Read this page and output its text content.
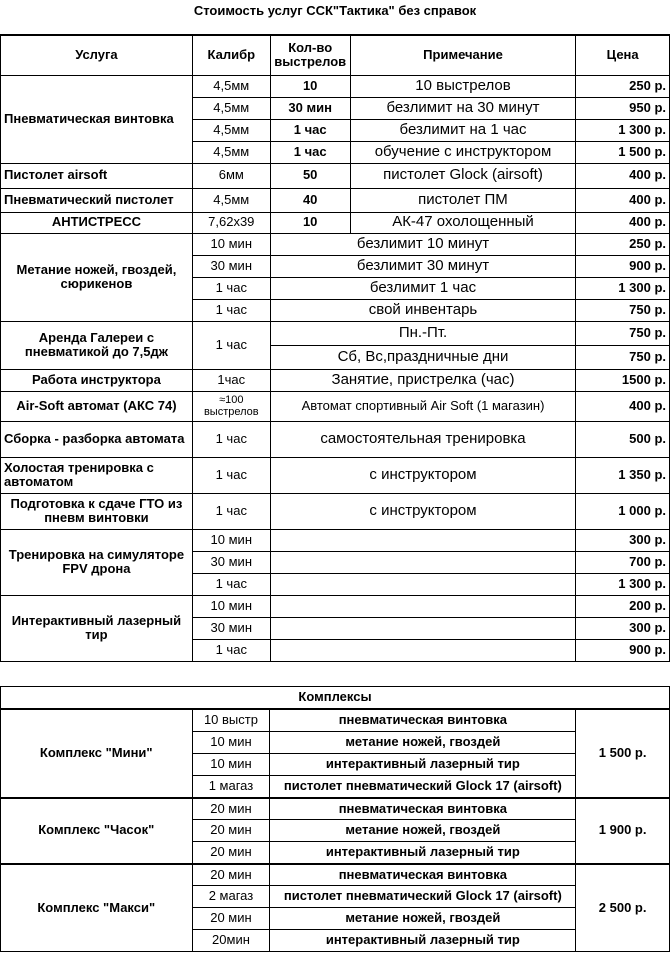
Стоимость услуг ССК"Тактика" без справок
Услуга	Калибр	Кол-во выстрелов	Примечание	Цена
Пневматическая винтовка	4,5мм	10	10 выстрелов	250 р.
	4,5мм	30 мин	безлимит на 30 минут	950 р.
	4,5мм	1 час	безлимит на 1 час	1 300 р.
	4,5мм	1 час	обучение с инструктором	1 500 р.
Пистолет airsoft	6мм	50	пистолет Glock (airsoft)	400 р.
Пневматический пистолет	4,5мм	40	пистолет ПМ	400 р.
АНТИСТРЕСС	7,62х39	10	АК-47 охолощенный	400 р.
Метание ножей, гвоздей, сюрикенов	10 мин	безлимит 10 минут		250 р.
	30 мин	безлимит 30 минут		900 р.
	1 час	безлимит 1 час		1 300 р.
	1 час	свой инвентарь		750 р.
Аренда Галереи с пневматикой до 7,5дж	1 час	Пн.-Пт.		750 р.
		Сб, Вс,праздничные дни		750 р.
Работа инструктора	1час	Занятие, пристрелка (час)		1500 р.
Air-Soft автомат (АКС 74)	≈100 выстрелов	Автомат спортивный Air Soft (1 магазин)		400 р.
Сборка - разборка автомата	1 час	самостоятельная тренировка		500 р.
Холостая тренировка с автоматом	1 час	с инструктором		1 350 р.
Подготовка к сдаче ГТО из пневм винтовки	1 час	с инструктором		1 000 р.
Тренировка на симуляторе FPV дрона	10 мин			300 р.
	30 мин			700 р.
	1 час			1 300 р.
Интерактивный лазерный тир	10 мин			200 р.
	30 мин			300 р.
	1 час			900 р.
Комплексы			
Комплекс "Мини"	10 выстр	пневматическая винтовка	1 500 р.
	10 мин	метание ножей, гвоздей	
	10 мин	интерактивный лазерный тир	
	1 магаз	пистолет пневматический Glock 17 (airsoft)	
Комплекс "Часок"	20 мин	пневматическая винтовка	1 900 р.
	20 мин	метание ножей, гвоздей	
	20 мин	интерактивный лазерный тир	
Комплекс "Макси"	20 мин	пневматическая винтовка	2 500 р.
	2 магаз	пистолет пневматический Glock 17 (airsoft)	
	20 мин	метание ножей, гвоздей	
	20мин	интерактивный лазерный тир	
